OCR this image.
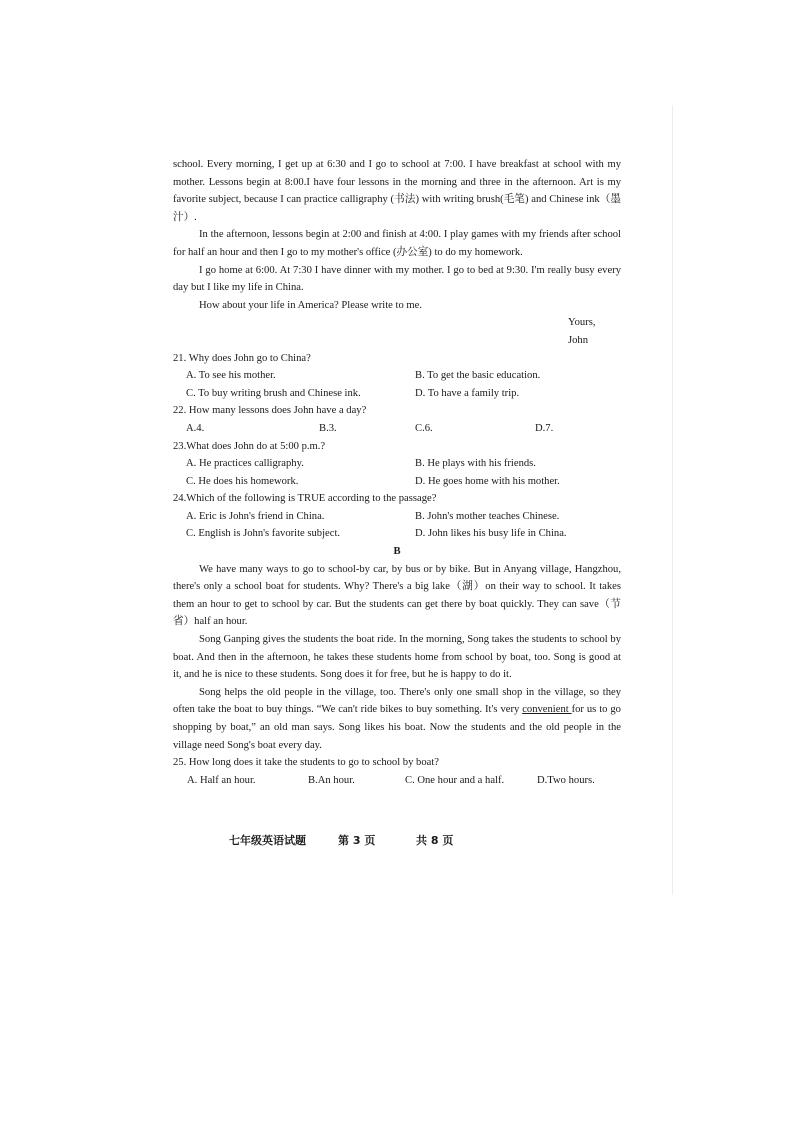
school. Every morning, I get up at 6:30 and I go to school at 7:00. I have breakfast at school with my mother. Lessons begin at 8:00.I have four lessons in the morning and three in the afternoon. Art is my favorite subject, because I can practice calligraphy (书法) with writing brush(毛笔) and Chinese ink（墨汁）.

In the afternoon, lessons begin at 2:00 and finish at 4:00. I play games with my friends after school for half an hour and then I go to my mother's office (办公室) to do my homework.

I go home at 6:00. At 7:30 I have dinner with my mother. I go to bed at 9:30. I'm really busy every day but I like my life in China.

How about your life in America? Please write to me.

Yours,

John

21. Why does John go to China?

A. To see his mother.	B. To get the basic education.
C. To buy writing brush and Chinese ink.	D. To have a family trip.

22. How many lessons does John have a day?

A.4.	B.3.	C.6.	D.7.

23.What does John do at 5:00 p.m.?

A. He practices calligraphy.	B. He plays with his friends.
C. He does his homework.	D. He goes home with his mother.

24.Which of the following is TRUE according to the passage?

A. Eric is John's friend in China.	B. John's mother teaches Chinese.
C. English is John's favorite subject.	D. John likes his busy life in China.

B

We have many ways to go to school-by car, by bus or by bike. But in Anyang village, Hangzhou, there's only a school boat for students. Why? There's a big lake（湖）on their way to school. It takes them an hour to get to school by car. But the students can get there by boat quickly. They can save（节省）half an hour.

Song Ganping gives the students the boat ride. In the morning, Song takes the students to school by boat. And then in the afternoon, he takes these students home from school by boat, too. Song is good at it, and he is nice to these students. Song does it for free, but he is happy to do it.

Song helps the old people in the village, too. There's only one small shop in the village, so they often take the boat to buy things. “We can't ride bikes to buy something. It's very convenient for us to go shopping by boat,” an old man says. Song likes his boat. Now the students and the old people in the village need Song's boat every day.

25. How long does it take the students to go to school by boat?

A. Half an hour.	B.An hour.	C. One hour and a half.	D.Two hours.
七年级英语试题	第 3 页	共 8 页
